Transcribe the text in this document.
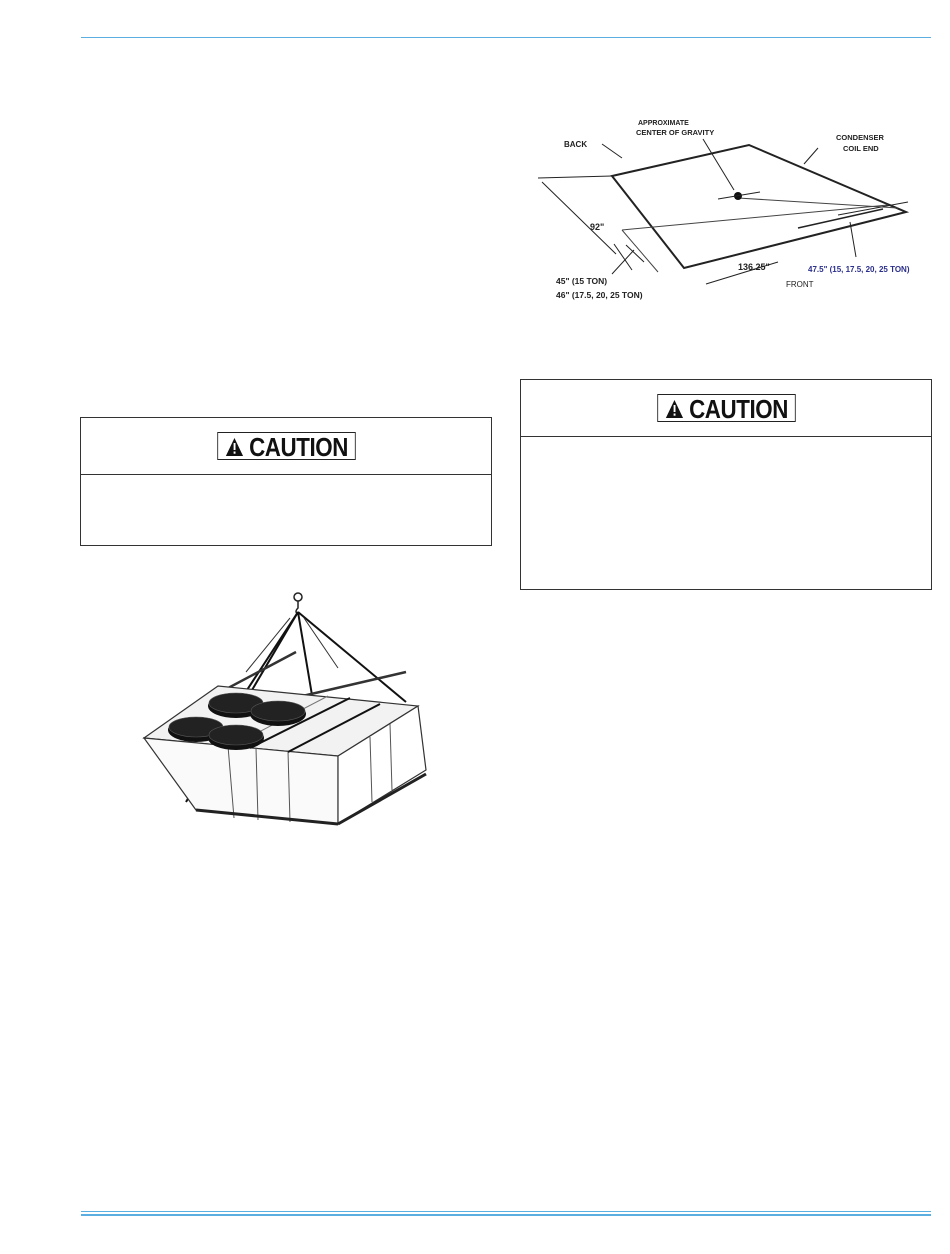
BACK
APPROXIMATE
CENTER OF GRAVITY
CONDENSER
COIL END
92"
45" (15 TON)
46" (17.5, 20, 25 TON)
136.25"	47.5" (15, 17.5, 20, 25 TON)
FRONT
CAUTION
CAUTION
